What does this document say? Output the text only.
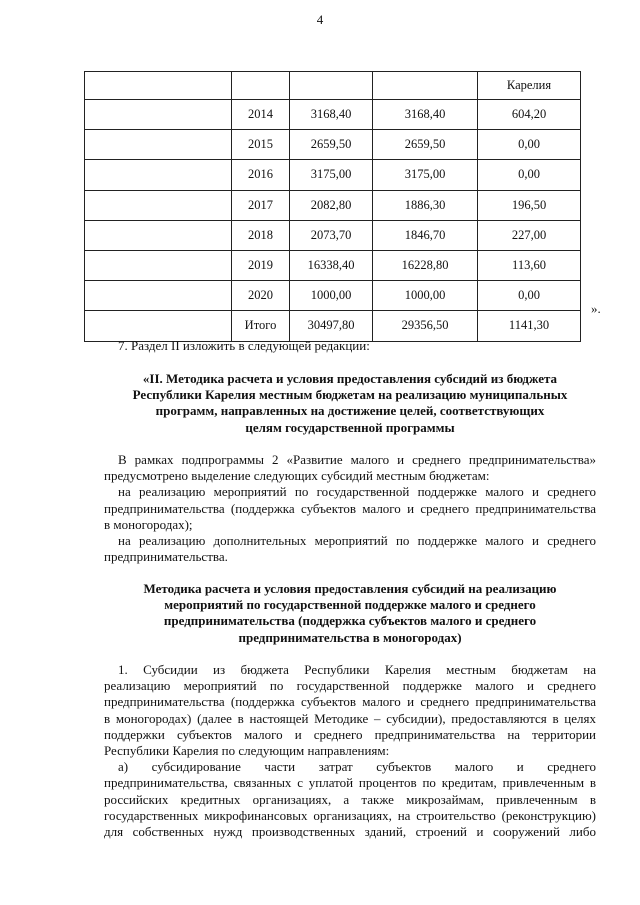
4
				Карелия
	2014	3168,40	3168,40	604,20
	2015	2659,50	2659,50	0,00
	2016	3175,00	3175,00	0,00
	2017	2082,80	1886,30	196,50
	2018	2073,70	1846,70	227,00
	2019	16338,40	16228,80	113,60
	2020	1000,00	1000,00	0,00
	Итого	30497,80	29356,50	1141,30
».
7. Раздел II изложить в следующей редакции:
«II. Методика расчета и условия предоставления субсидий из бюджета
Республики Карелия местным бюджетам на реализацию муниципальных
программ, направленных на достижение целей, соответствующих
целям государственной программы
В рамках подпрограммы 2 «Развитие малого и среднего предпринимательства»
предусмотрено выделение следующих субсидий местным бюджетам:
на реализацию мероприятий по государственной поддержке малого и среднего
предпринимательства (поддержка субъектов малого и среднего предпринимательства
в моногородах);
на реализацию дополнительных мероприятий по поддержке малого и среднего
предпринимательства.
Методика расчета и условия предоставления субсидий на реализацию
мероприятий по государственной поддержке малого и среднего
предпринимательства (поддержка субъектов малого и среднего
предпринимательства в моногородах)
1. Субсидии из бюджета Республики Карелия местным бюджетам на
реализацию мероприятий по государственной поддержке малого и среднего
предпринимательства (поддержка субъектов малого и среднего предпринимательства
в моногородах) (далее в настоящей Методике – субсидии), предоставляются в целях
поддержки субъектов малого и среднего предпринимательства на территории
Республики Карелия по следующим направлениям:
а) субсидирование части затрат субъектов малого и среднего
предпринимательства, связанных с уплатой процентов по кредитам, привлеченным в
российских кредитных организациях, а также микрозаймам, привлеченным в
государственных микрофинансовых организациях, на строительство (реконструкцию)
для собственных нужд производственных зданий, строений и сооружений либо
